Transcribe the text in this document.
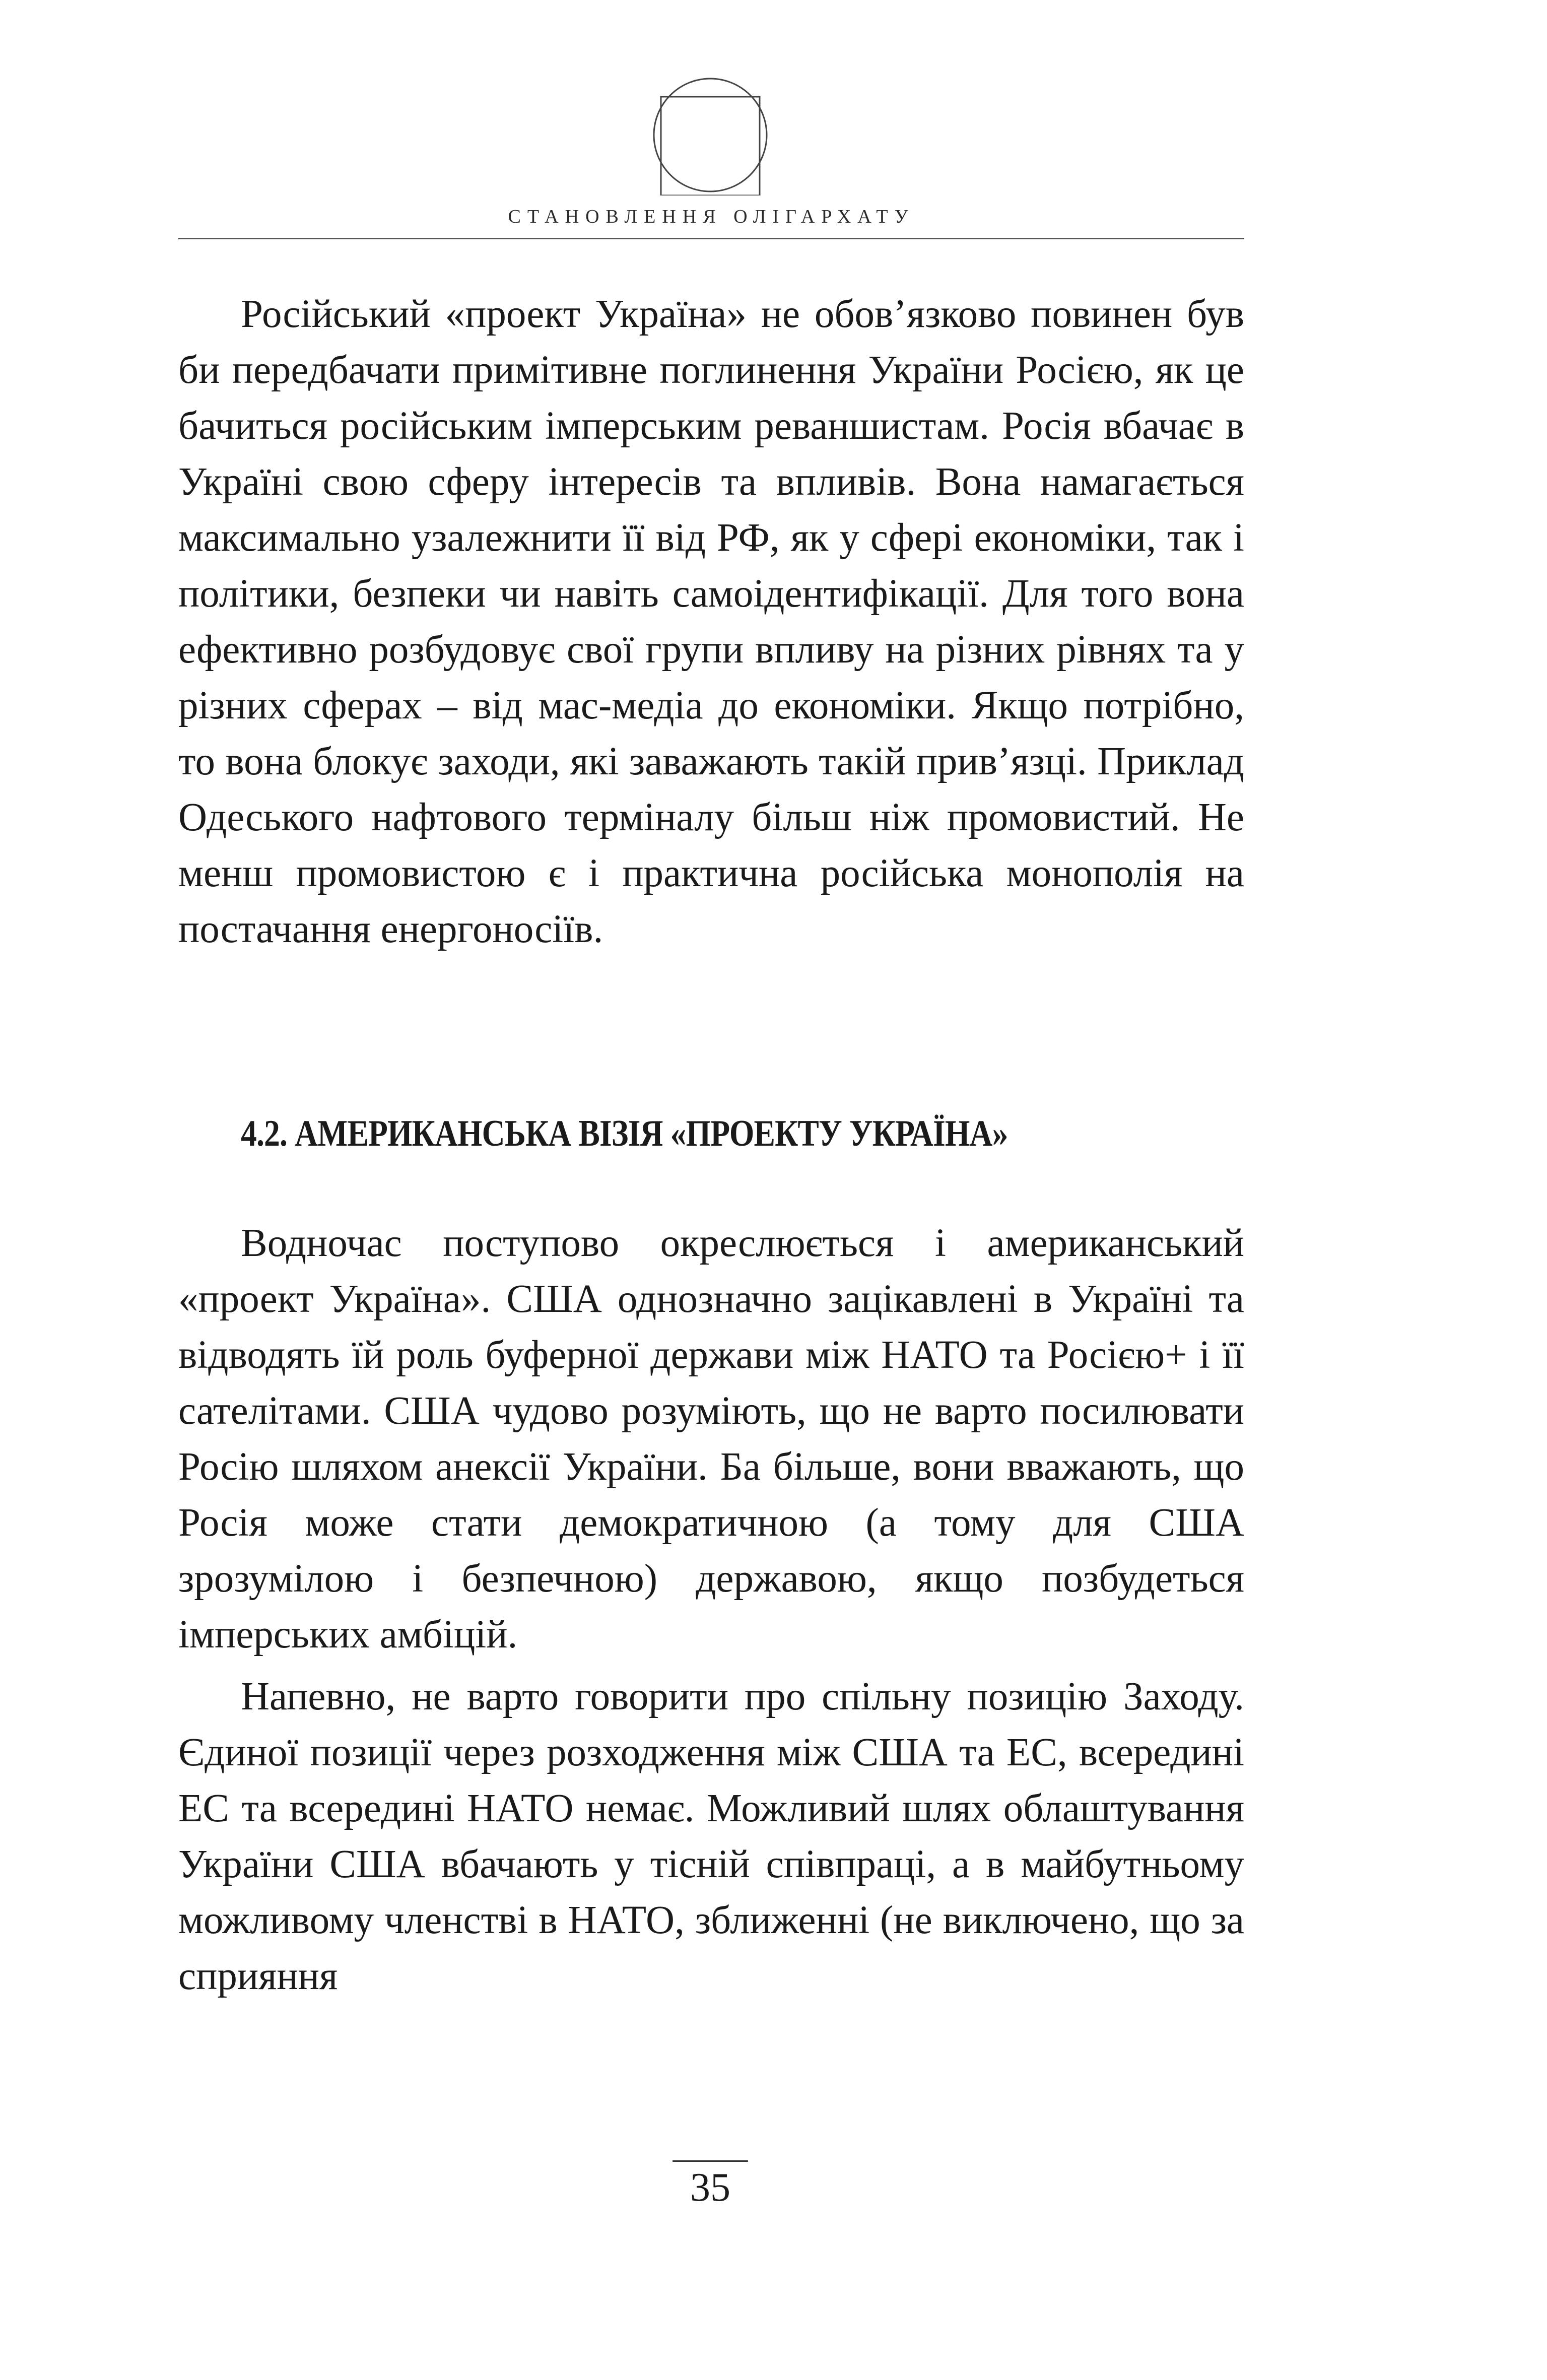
СТАНОВЛЕННЯ ОЛІГАРХАТУ

Російський «проект Україна» не обов’язково повинен був би передбачати примітивне поглинення України Росією, як це бачиться російським імперським реваншистам. Росія вбачає в Україні свою сферу інтересів та впливів. Вона намагається максимально узалежнити її від РФ, як у сфері економіки, так і політики, безпеки чи навіть самоідентифікації. Для того вона ефективно розбудовує свої групи впливу на різних рівнях та у різних сферах – від мас-медіа до економіки. Якщо потрібно, то вона блокує заходи, які заважають такій прив’язці. Приклад Одеського нафтового терміналу більш ніж промовистий. Не менш промовистою є і практична російська монополія на постачання енергоносіїв.

4.2. АМЕРИКАНСЬКА ВІЗІЯ «ПРОЕКТУ УКРАЇНА»

Водночас поступово окреслюється і американський «проект Україна». США однозначно зацікавлені в Україні та відводять їй роль буферної держави між НАТО та Росією+ і її сателітами. США чудово розуміють, що не варто посилювати Росію шляхом анексії України. Ба більше, вони вважають, що Росія може стати демократичною (а тому для США зрозумілою і безпечною) державою, якщо позбудеться імперських амбіцій.

Напевно, не варто говорити про спільну позицію Заходу. Єдиної позиції через розходження між США та ЕС, всередині ЕС та всередині НАТО немає. Можливий шлях облаштування України США вбачають у тісній співпраці, а в майбутньому можливому членстві в НАТО, зближенні (не виключено, що за сприяння

35
